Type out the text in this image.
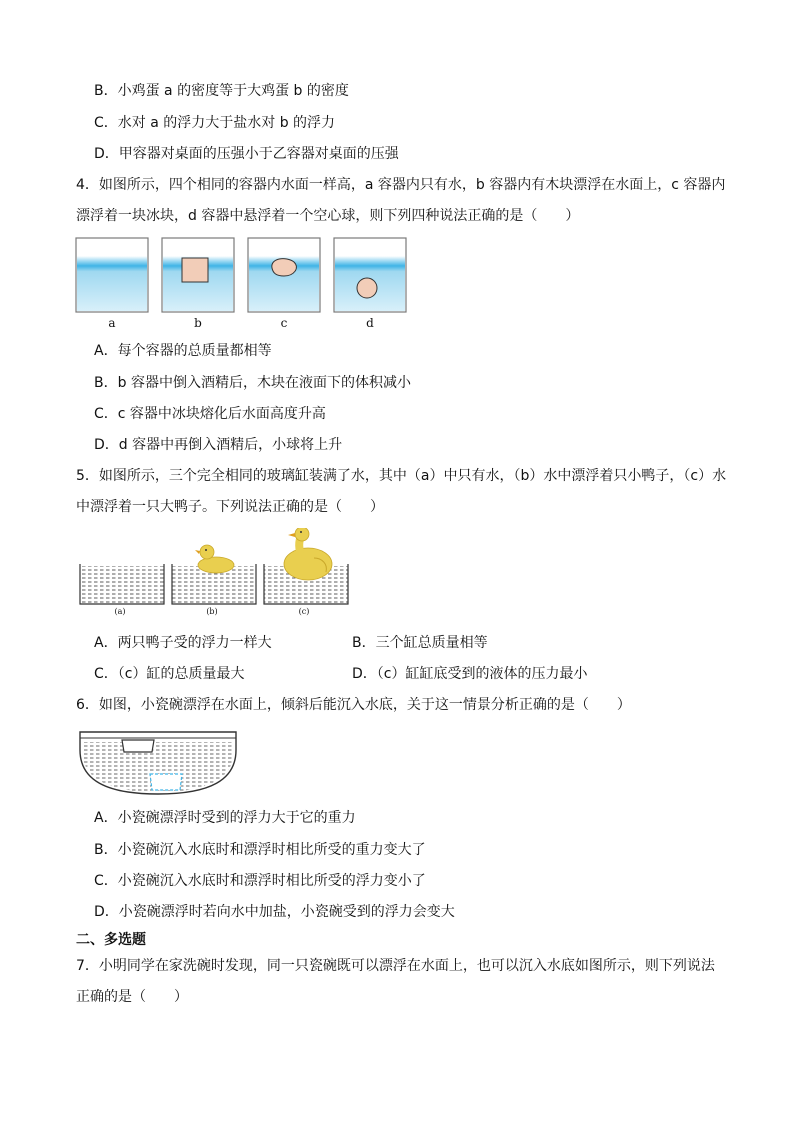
B．小鸡蛋 a 的密度等于大鸡蛋 b 的密度
C．水对 a 的浮力大于盐水对 b 的浮力
D．甲容器对桌面的压强小于乙容器对桌面的压强
4．如图所示，四个相同的容器内水面一样高，a 容器内只有水，b 容器内有木块漂浮在水面上，c 容器内
漂浮着一块冰块，d 容器中悬浮着一个空心球，则下列四种说法正确的是（　　）
a	b	c	d
A．每个容器的总质量都相等
B．b 容器中倒入酒精后，木块在液面下的体积减小
C．c 容器中冰块熔化后水面高度升高
D．d 容器中再倒入酒精后，小球将上升
5．如图所示，三个完全相同的玻璃缸装满了水，其中（a）中只有水，（b）水中漂浮着只小鸭子，（c）水
中漂浮着一只大鸭子。下列说法正确的是（　　）
(a)	(b)	(c)
A．两只鸭子受的浮力一样大	B．三个缸总质量相等
C．（c）缸的总质量最大	D．（c）缸缸底受到的液体的压力最小
6．如图，小瓷碗漂浮在水面上，倾斜后能沉入水底，关于这一情景分析正确的是（　　）
A．小瓷碗漂浮时受到的浮力大于它的重力
B．小瓷碗沉入水底时和漂浮时相比所受的重力变大了
C．小瓷碗沉入水底时和漂浮时相比所受的浮力变小了
D．小瓷碗漂浮时若向水中加盐，小瓷碗受到的浮力会变大
二、多选题
7．小明同学在家洗碗时发现，同一只瓷碗既可以漂浮在水面上，也可以沉入水底如图所示，则下列说法
正确的是（　　）
